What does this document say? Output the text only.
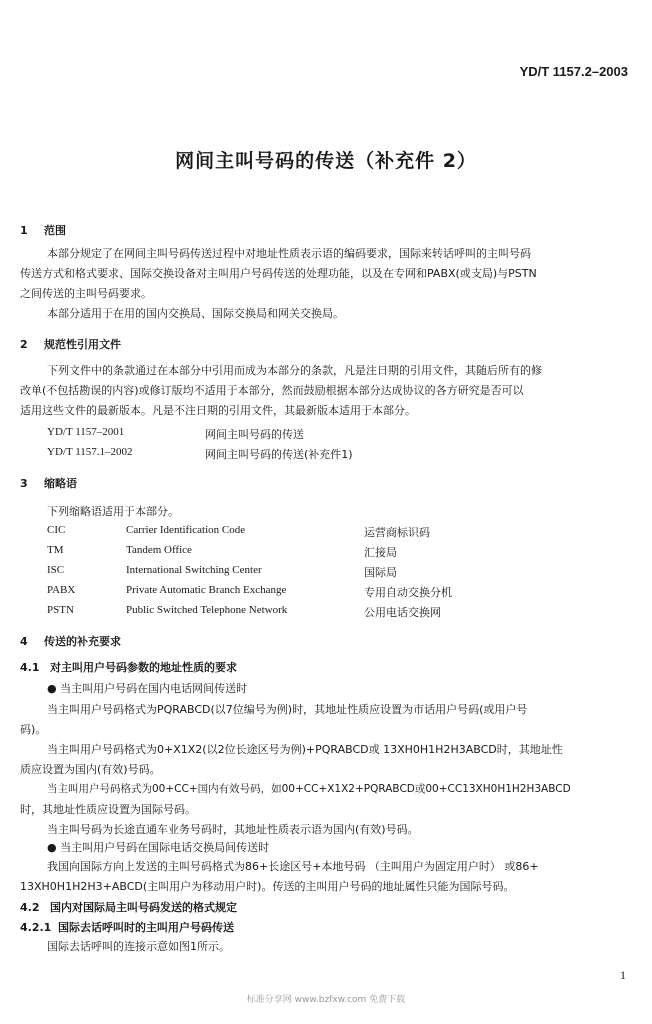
YD/T 1157.2–2003
网间主叫号码的传送（补充件 2）
1 范围
本部分规定了在网间主叫号码传送过程中对地址性质表示语的编码要求，国际来转话呼叫的主叫号码
传送方式和格式要求、国际交换设备对主叫用户号码传送的处理功能，以及在专网和PABX(或支局)与PSTN
之间传送的主叫号码要求。
本部分适用于在用的国内交换局、国际交换局和网关交换局。
2 规范性引用文件
下列文件中的条款通过在本部分中引用而成为本部分的条款，凡是注日期的引用文件，其随后所有的修
改单(不包括勘误的内容)或修订版均不适用于本部分，然而鼓励根据本部分达成协议的各方研究是否可以
适用这些文件的最新版本。凡是不注日期的引用文件，其最新版本适用于本部分。
YD/T 1157–2001	网间主叫号码的传送
YD/T 1157.1–2002	网间主叫号码的传送(补充件1)
3 缩略语
下列缩略语适用于本部分。
CIC	Carrier Identification Code	运营商标识码
TM	Tandem Office	汇接局
ISC	International Switching Center	国际局
PABX	Private Automatic Branch Exchange	专用自动交换分机
PSTN	Public Switched Telephone Network	公用电话交换网
4 传送的补充要求
4.1 对主叫用户号码参数的地址性质的要求
● 当主叫用户号码在国内电话网间传送时
当主叫用户号码格式为PQRABCD(以7位编号为例)时，其地址性质应设置为市话用户号码(或用户号
码)。
当主叫用户号码格式为0+X1X2(以2位长途区号为例)+PQRABCD或 13XH0H1H2H3ABCD时，其地址性
质应设置为国内(有效)号码。
当主叫用户号码格式为00+CC+国内有效号码，如00+CC+X1X2+PQRABCD或00+CC13XH0H1H2H3ABCD
时，其地址性质应设置为国际号码。
当主叫号码为长途直通车业务号码时，其地址性质表示语为国内(有效)号码。
● 当主叫用户号码在国际电话交换局间传送时
我国向国际方向上发送的主叫号码格式为86+长途区号+本地号码 （主叫用户为固定用户时） 或86+
13XH0H1H2H3+ABCD(主叫用户为移动用户时)。传送的主叫用户号码的地址属性只能为国际号码。
4.2 国内对国际局主叫号码发送的格式规定
4.2.1 国际去话呼叫时的主叫用户号码传送
国际去话呼叫的连接示意如图1所示。
1
标准分享网 www.bzfxw.com 免费下载
